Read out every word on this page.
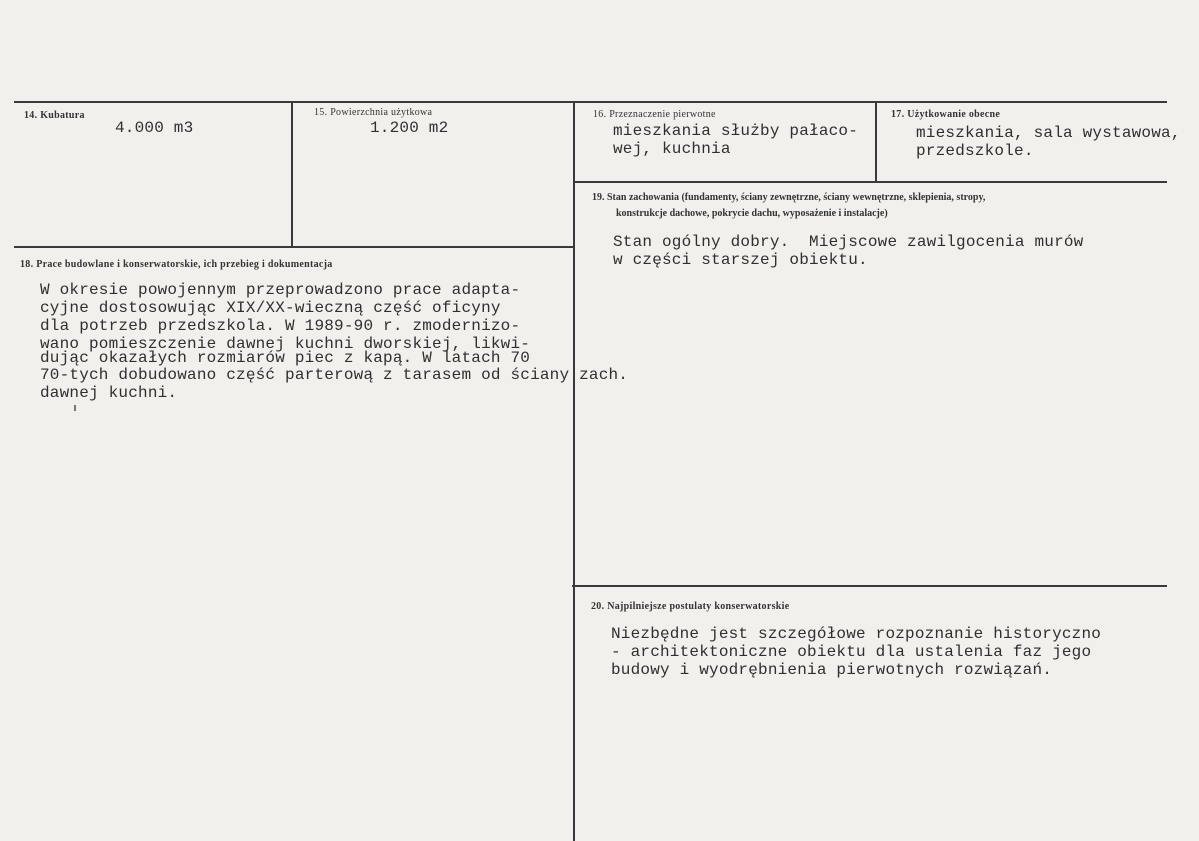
14. Kubatura
4.000 m3
15. Powierzchnia użytkowa
1.200 m2
16. Przeznaczenie pierwotne
mieszkania służby pałaco-
wej, kuchnia
17. Użytkowanie obecne
mieszkania, sala wystawowa,
przedszkole.
19. Stan zachowania (fundamenty, ściany zewnętrzne, ściany wewnętrzne, sklepienia, stropy,
konstrukcje dachowe, pokrycie dachu, wyposażenie i instalacje)
Stan ogólny dobry.  Miejscowe zawilgocenia murów
w części starszej obiektu.
18. Prace budowlane i konserwatorskie, ich przebieg i dokumentacja
W okresie powojennym przeprowadzono prace adapta-
cyjne dostosowując XIX/XX-wieczną część oficyny
dla potrzeb przedszkola. W 1989-90 r. zmodernizo-
wano pomieszczenie dawnej kuchni dworskiej, likwi-
dując okazałych rozmiarów piec z kapą. W latach 70
70-tych dobudowano część parterową z tarasem od ściany zach.
dawnej kuchni.
20. Najpilniejsze postulaty konserwatorskie
Niezbędne jest szczegółowe rozpoznanie historyczno
- architektoniczne obiektu dla ustalenia faz jego
budowy i wyodrębnienia pierwotnych rozwiązań.
